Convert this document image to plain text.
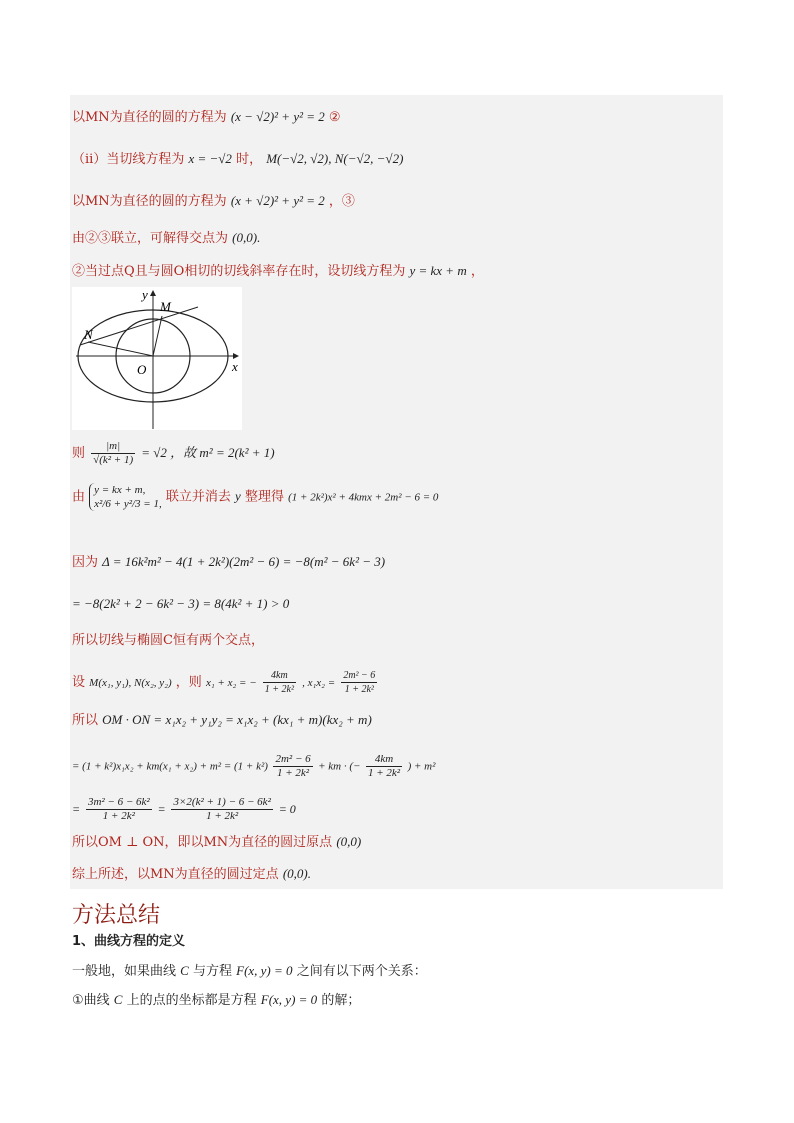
以MN为直径的圆的方程为 (x − √2)² + y² = 2 ②
（ii）当切线方程为 x = −√2 时， M(−√2, √2), N(−√2, −√2)
以MN为直径的圆的方程为 (x + √2)² + y² = 2 ，③
由②③联立，可解得交点为 (0,0).
②当过点Q且与圆O相切的切线斜率存在时，设切线方程为 y = kx + m ，
y
x
O
M
N
则 $\frac{|m|}{\text{√(k² + 1)}} = √2$ ，故 m² = 2(k² + 1)
由 y = kx + m,
x²/6 + y²/3 = 1, 联立并消去 y 整理得 (1 + 2k²)x² + 4kmx + 2m² − 6 = 0
因为 Δ = 16k²m² − 4(1 + 2k²)(2m² − 6) = −8(m² − 6k² − 3)
= −8(2k² + 2 − 6k² − 3) = 8(4k² + 1) > 0
所以切线与椭圆C恒有两个交点，
设 M(x₁, y₁), N(x₂, y₂) ，则 x₁ + x₂ = − $\frac{4km}{\text{1 + 2k²}}$ , $x_1x_2 = \frac{\text{2m² − 6}}{\text{1 + 2k²}}$
所以 OM · ON = x₁x₂ + y₁y₂ = x₁x₂ + (kx₁ + m)(kx₂ + m)
= $(1 + k^2)x_1x_2 + km(x_1 + x_2) + m^2 = (1 + k^2) \frac{\text{2m² − 6}}{\text{1 + 2k²}}$ + km · (− $\frac{4km}{\text{1 + 2k²}}$ ) + m²
= $\frac{\text{3m² − 6 − 6k²}}{\text{1 + 2k²}} = \frac{\text{3×2(k² + 1) − 6 − 6k²}}{\text{1 + 2k²}} = 0$
所以OM ⊥ ON，即以MN为直径的圆过原点 (0,0)
综上所述，以MN为直径的圆过定点 (0,0).
方法总结
1、曲线方程的定义
一般地，如果曲线 C 与方程 F(x, y) = 0 之间有以下两个关系：
①曲线 C 上的点的坐标都是方程 F(x, y) = 0 的解；
